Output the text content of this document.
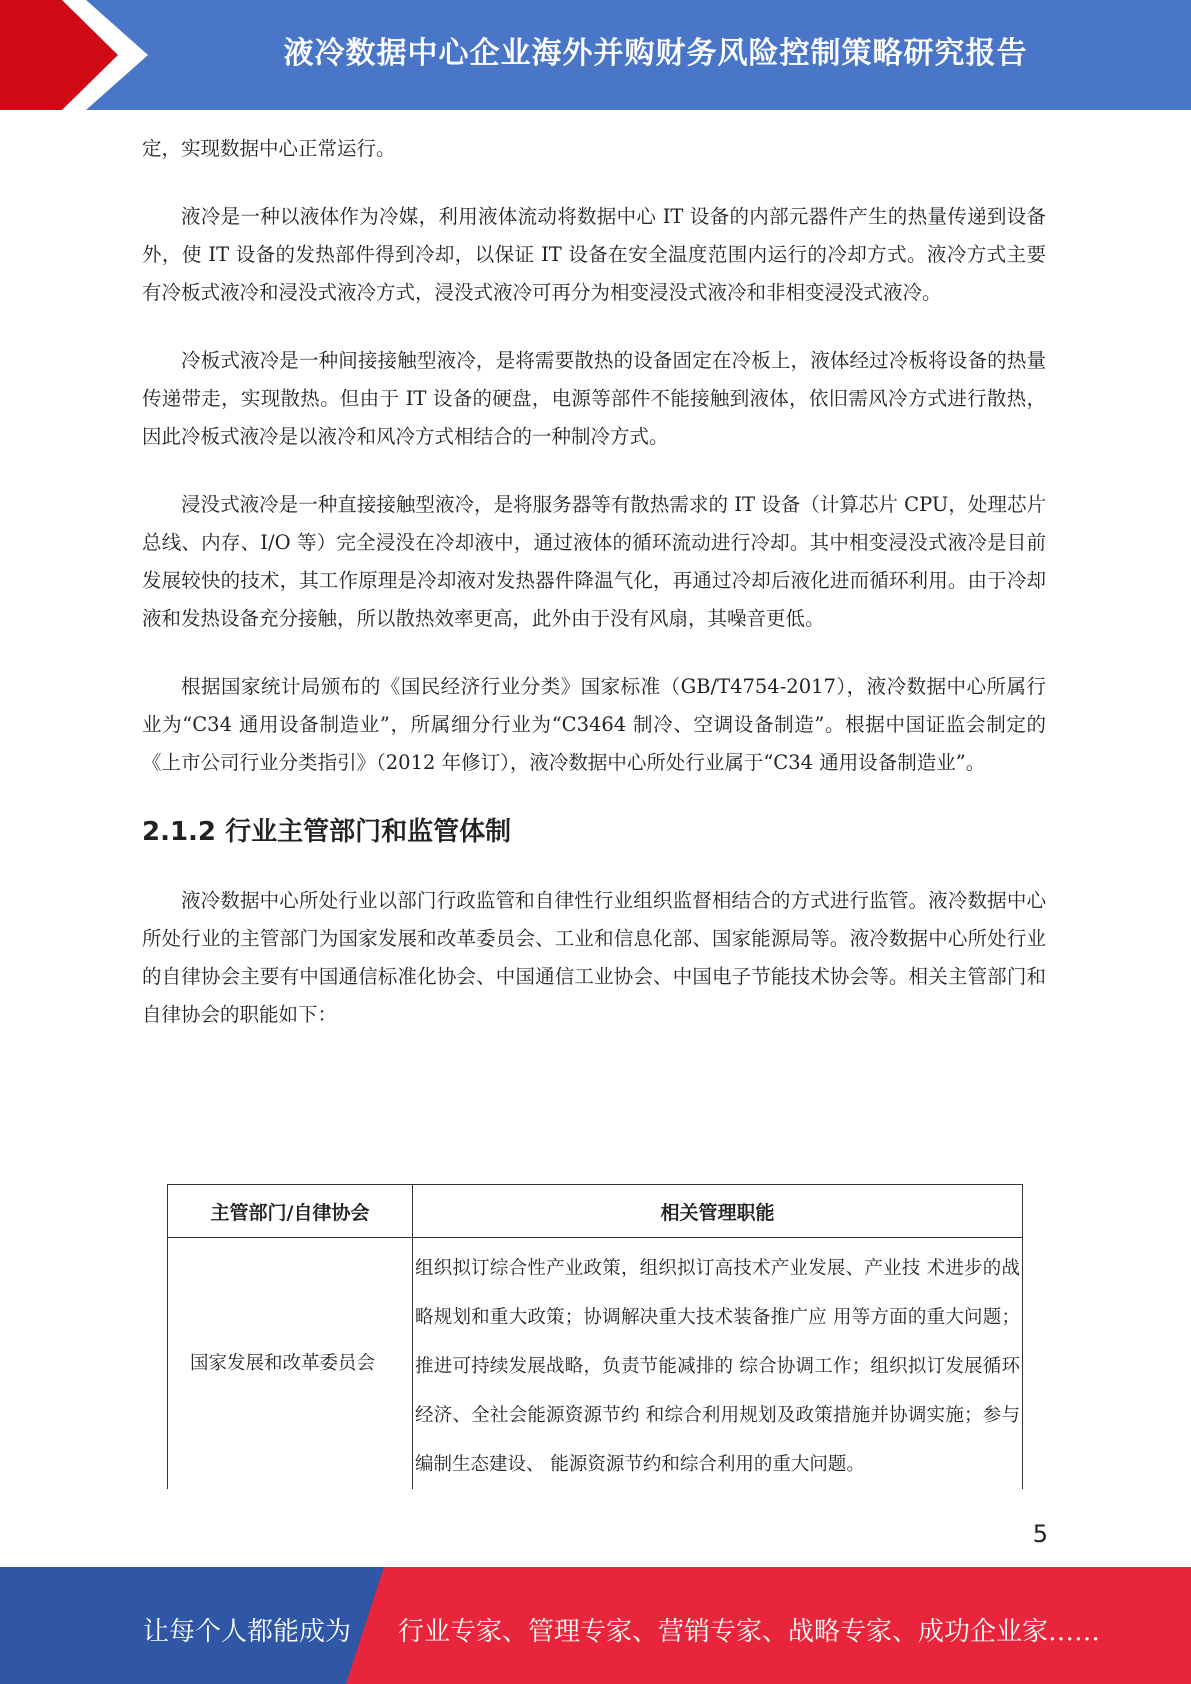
液冷数据中心企业海外并购财务风险控制策略研究报告

定，实现数据中心正常运行。

液冷是一种以液体作为冷媒，利用液体流动将数据中心 IT 设备的内部元器件产生的热量传递到设备外，使 IT 设备的发热部件得到冷却，以保证 IT 设备在安全温度范围内运行的冷却方式。液冷方式主要有冷板式液冷和浸没式液冷方式，浸没式液冷可再分为相变浸没式液冷和非相变浸没式液冷。

冷板式液冷是一种间接接触型液冷，是将需要散热的设备固定在冷板上，液体经过冷板将设备的热量传递带走，实现散热。但由于 IT 设备的硬盘，电源等部件不能接触到液体，依旧需风冷方式进行散热，因此冷板式液冷是以液冷和风冷方式相结合的一种制冷方式。

浸没式液冷是一种直接接触型液冷，是将服务器等有散热需求的 IT 设备（计算芯片 CPU，处理芯片总线、内存、I/O 等）完全浸没在冷却液中，通过液体的循环流动进行冷却。其中相变浸没式液冷是目前发展较快的技术，其工作原理是冷却液对发热器件降温气化，再通过冷却后液化进而循环利用。由于冷却液和发热设备充分接触，所以散热效率更高，此外由于没有风扇，其噪音更低。

根据国家统计局颁布的《国民经济行业分类》国家标准（GB/T4754-2017），液冷数据中心所属行业为“C34 通用设备制造业”，所属细分行业为“C3464 制冷、空调设备制造”。根据中国证监会制定的《上市公司行业分类指引》（2012 年修订），液冷数据中心所处行业属于“C34 通用设备制造业”。

2.1.2 行业主管部门和监管体制

液冷数据中心所处行业以部门行政监管和自律性行业组织监督相结合的方式进行监管。液冷数据中心所处行业的主管部门为国家发展和改革委员会、工业和信息化部、国家能源局等。液冷数据中心所处行业的自律协会主要有中国通信标准化协会、中国通信工业协会、中国电子节能技术协会等。相关主管部门和自律协会的职能如下：

主管部门/自律协会	相关管理职能
国家发展和改革委员会	组织拟订综合性产业政策，组织拟订高技术产业发展、产业技 术进步的战略规划和重大政策；协调解决重大技术装备推广应 用等方面的重大问题；推进可持续发展战略，负责节能减排的 综合协调工作；组织拟订发展循环经济、全社会能源资源节约 和综合利用规划及政策措施并协调实施；参与编制生态建设、 能源资源节约和综合利用的重大问题。
5
让每个人都能成为 行业专家、管理专家、营销专家、战略专家、成功企业家……
